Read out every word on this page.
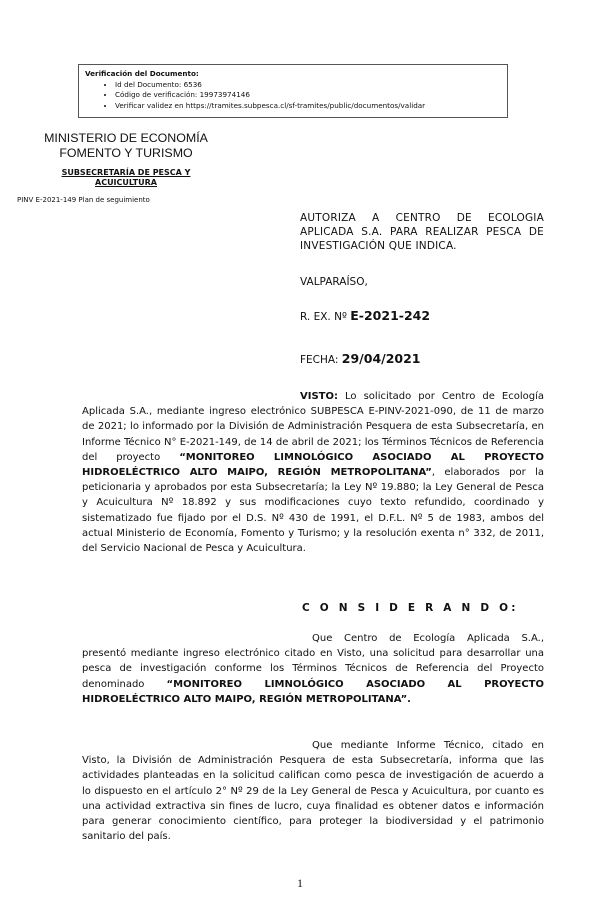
Verificación del Documento:
• Id del Documento: 6536
• Código de verificación: 19973974146
• Verificar validez en https://tramites.subpesca.cl/sf-tramites/public/documentos/validar
MINISTERIO DE ECONOMÍA
FOMENTO Y TURISMO
SUBSECRETARÍA DE PESCA Y
ACUICULTURA
PINV E-2021-149 Plan de seguimiento
AUTORIZA A CENTRO DE ECOLOGIA APLICADA S.A. PARA REALIZAR PESCA DE INVESTIGACIÓN QUE INDICA.
VALPARAÍSO,
R. EX. Nº E-2021-242
FECHA: 29/04/2021
VISTO: Lo solicitado por Centro de Ecología Aplicada S.A., mediante ingreso electrónico SUBPESCA E-PINV-2021-090, de 11 de marzo de 2021; lo informado por la División de Administración Pesquera de esta Subsecretaría, en Informe Técnico N° E-2021-149, de 14 de abril de 2021; los Términos Técnicos de Referencia del proyecto “MONITOREO LIMNOLÓGICO ASOCIADO AL PROYECTO HIDROELÉCTRICO ALTO MAIPO, REGIÓN METROPOLITANA”, elaborados por la peticionaria y aprobados por esta Subsecretaría; la Ley Nº 19.880; la Ley General de Pesca y Acuicultura Nº 18.892 y sus modificaciones cuyo texto refundido, coordinado y sistematizado fue fijado por el D.S. Nº 430 de 1991, el D.F.L. Nº 5 de 1983, ambos del actual Ministerio de Economía, Fomento y Turismo; y la resolución exenta n° 332, de 2011, del Servicio Nacional de Pesca y Acuicultura.
C O N S I D E R A N D O:
Que Centro de Ecología Aplicada S.A., presentó mediante ingreso electrónico citado en Visto, una solicitud para desarrollar una pesca de investigación conforme los Términos Técnicos de Referencia del Proyecto denominado “MONITOREO LIMNOLÓGICO ASOCIADO AL PROYECTO HIDROELÉCTRICO ALTO MAIPO, REGIÓN METROPOLITANA”.
Que mediante Informe Técnico, citado en Visto, la División de Administración Pesquera de esta Subsecretaría, informa que las actividades planteadas en la solicitud califican como pesca de investigación de acuerdo a lo dispuesto en el artículo 2° Nº 29 de la Ley General de Pesca y Acuicultura, por cuanto es una actividad extractiva sin fines de lucro, cuya finalidad es obtener datos e información para generar conocimiento científico, para proteger la biodiversidad y el patrimonio sanitario del país.
1
